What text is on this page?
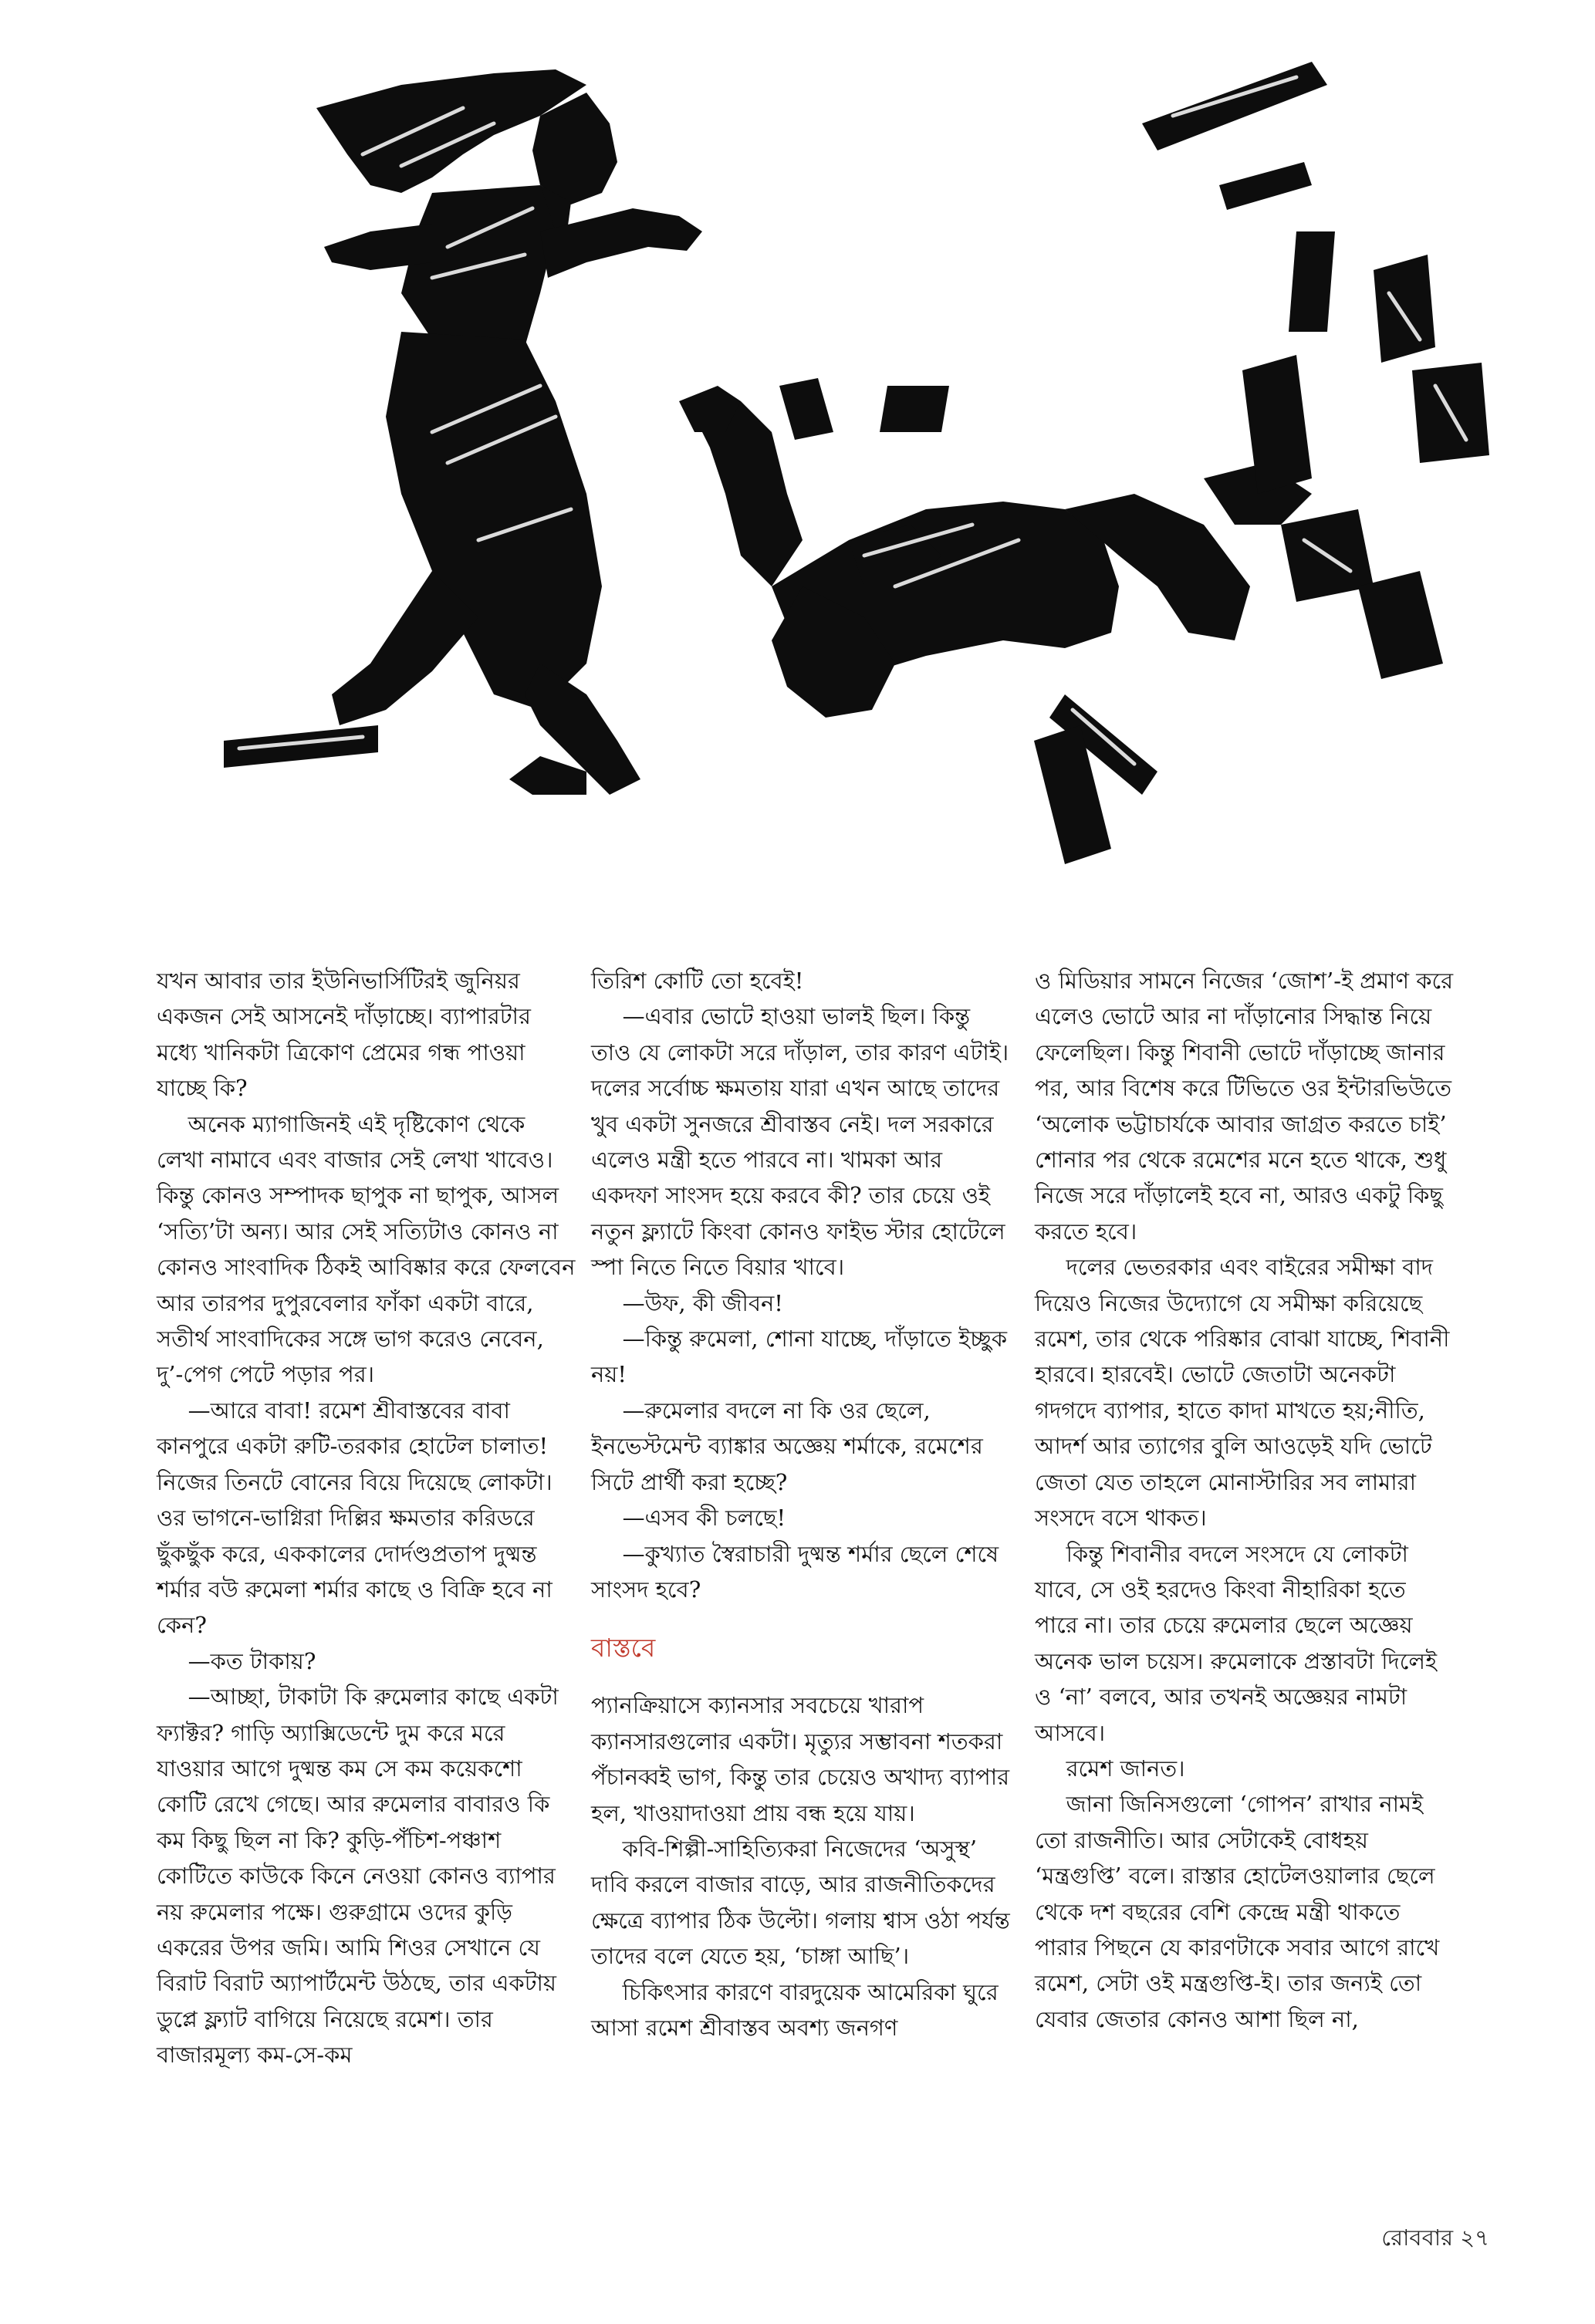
যখন আবার তার ইউনিভার্সিটিরই জুনিয়র একজন সেই আসনেই দাঁড়াচ্ছে। ব্যাপারটার মধ্যে খানিকটা ত্রিকোণ প্রেমের গন্ধ পাওয়া যাচ্ছে কি?

অনেক ম্যাগাজিনই এই দৃষ্টিকোণ থেকে লেখা নামাবে এবং বাজার সেই লেখা খাবেও। কিন্তু কোনও সম্পাদক ছাপুক না ছাপুক, আসল ‘সত্যি’টা অন্য। আর সেই সত্যিটাও কোনও না কোনও সাংবাদিক ঠিকই আবিষ্কার করে ফেলবেন আর তারপর দুপুরবেলার ফাঁকা একটা বারে, সতীর্থ সাংবাদিকের সঙ্গে ভাগ করেও নেবেন, দু’-পেগ পেটে পড়ার পর।

—আরে বাবা! রমেশ শ্রীবাস্তবের বাবা কানপুরে একটা রুটি-তরকার হোটেল চালাত! নিজের তিনটে বোনের বিয়ে দিয়েছে লোকটা। ওর ভাগনে-ভাগ্নিরা দিল্লির ক্ষমতার করিডরে ছুঁকছুঁক করে, এককালের দোর্দণ্ডপ্রতাপ দুষ্মন্ত শর্মার বউ রুমেলা শর্মার কাছে ও বিক্রি হবে না কেন?

—কত টাকায়?

—আচ্ছা, টাকাটা কি রুমেলার কাছে একটা ফ্যাক্টর? গাড়ি অ্যাক্সিডেন্টে দুম করে মরে যাওয়ার আগে দুষ্মন্ত কম সে কম কয়েকশো কোটি রেখে গেছে। আর রুমেলার বাবারও কি কম কিছু ছিল না কি? কুড়ি-পঁচিশ-পঞ্চাশ কোটিতে কাউকে কিনে নেওয়া কোনও ব্যাপার নয় রুমেলার পক্ষে। গুরুগ্রামে ওদের কুড়ি একরের উপর জমি। আমি শিওর সেখানে যে বিরাট বিরাট অ্যাপার্টমেন্ট উঠছে, তার একটায় ডুপ্লে ফ্ল্যাট বাগিয়ে নিয়েছে রমেশ। তার বাজারমূল্য কম-সে-কম

তিরিশ কোটি তো হবেই!

—এবার ভোটে হাওয়া ভালই ছিল। কিন্তু তাও যে লোকটা সরে দাঁড়াল, তার কারণ এটাই। দলের সর্বোচ্চ ক্ষমতায় যারা এখন আছে তাদের খুব একটা সুনজরে শ্রীবাস্তব নেই। দল সরকারে এলেও মন্ত্রী হতে পারবে না। খামকা আর একদফা সাংসদ হয়ে করবে কী? তার চেয়ে ওই নতুন ফ্ল্যাটে কিংবা কোনও ফাইভ স্টার হোটেলে স্পা নিতে নিতে বিয়ার খাবে।

—উফ, কী জীবন!

—কিন্তু রুমেলা, শোনা যাচ্ছে, দাঁড়াতে ইচ্ছুক নয়!

—রুমেলার বদলে না কি ওর ছেলে, ইনভেস্টমেন্ট ব্যাঙ্কার অজ্ঞেয় শর্মাকে, রমেশের সিটে প্রার্থী করা হচ্ছে?

—এসব কী চলছে!

—কুখ্যাত স্বৈরাচারী দুষ্মন্ত শর্মার ছেলে শেষে সাংসদ হবে?

বাস্তবে

প্যানক্রিয়াসে ক্যানসার সবচেয়ে খারাপ ক্যানসারগুলোর একটা। মৃত্যুর সম্ভাবনা শতকরা পঁচানব্বই ভাগ, কিন্তু তার চেয়েও অখাদ্য ব্যাপার হল, খাওয়াদাওয়া প্রায় বন্ধ হয়ে যায়।

কবি-শিল্পী-সাহিত্যিকরা নিজেদের ‘অসুস্থ’ দাবি করলে বাজার বাড়ে, আর রাজনীতিকদের ক্ষেত্রে ব্যাপার ঠিক উল্টো। গলায় শ্বাস ওঠা পর্যন্ত তাদের বলে যেতে হয়, ‘চাঙ্গা আছি’।

চিকিৎসার কারণে বারদুয়েক আমেরিকা ঘুরে আসা রমেশ শ্রীবাস্তব অবশ্য জনগণ

ও মিডিয়ার সামনে নিজের ‘জোশ’-ই প্রমাণ করে এলেও ভোটে আর না দাঁড়ানোর সিদ্ধান্ত নিয়ে ফেলেছিল। কিন্তু শিবানী ভোটে দাঁড়াচ্ছে জানার পর, আর বিশেষ করে টিভিতে ওর ইন্টারভিউতে ‘অলোক ভট্টাচার্যকে আবার জাগ্রত করতে চাই’ শোনার পর থেকে রমেশের মনে হতে থাকে, শুধু নিজে সরে দাঁড়ালেই হবে না, আরও একটু কিছু করতে হবে।

দলের ভেতরকার এবং বাইরের সমীক্ষা বাদ দিয়েও নিজের উদ্যোগে যে সমীক্ষা করিয়েছে রমেশ, তার থেকে পরিষ্কার বোঝা যাচ্ছে, শিবানী হারবে। হারবেই। ভোটে জেতাটা অনেকটা গদগদে ব্যাপার, হাতে কাদা মাখতে হয়;নীতি, আদর্শ আর ত্যাগের বুলি আওড়েই যদি ভোটে জেতা যেত তাহলে মোনাস্টারির সব লামারা সংসদে বসে থাকত।

কিন্তু শিবানীর বদলে সংসদে যে লোকটা যাবে, সে ওই হরদেও কিংবা নীহারিকা হতে পারে না। তার চেয়ে রুমেলার ছেলে অজ্ঞেয় অনেক ভাল চয়েস। রুমেলাকে প্রস্তাবটা দিলেই ও ‘না’ বলবে, আর তখনই অজ্ঞেয়র নামটা আসবে।

রমেশ জানত।

জানা জিনিসগুলো ‘গোপন’ রাখার নামই তো রাজনীতি। আর সেটাকেই বোধহয় ‘মন্ত্রগুপ্তি’ বলে। রাস্তার হোটেলওয়ালার ছেলে থেকে দশ বছরের বেশি কেন্দ্রে মন্ত্রী থাকতে পারার পিছনে যে কারণটাকে সবার আগে রাখে রমেশ, সেটা ওই মন্ত্রগুপ্তি-ই। তার জন্যই তো যেবার জেতার কোনও আশা ছিল না,

রোববার ২৭
